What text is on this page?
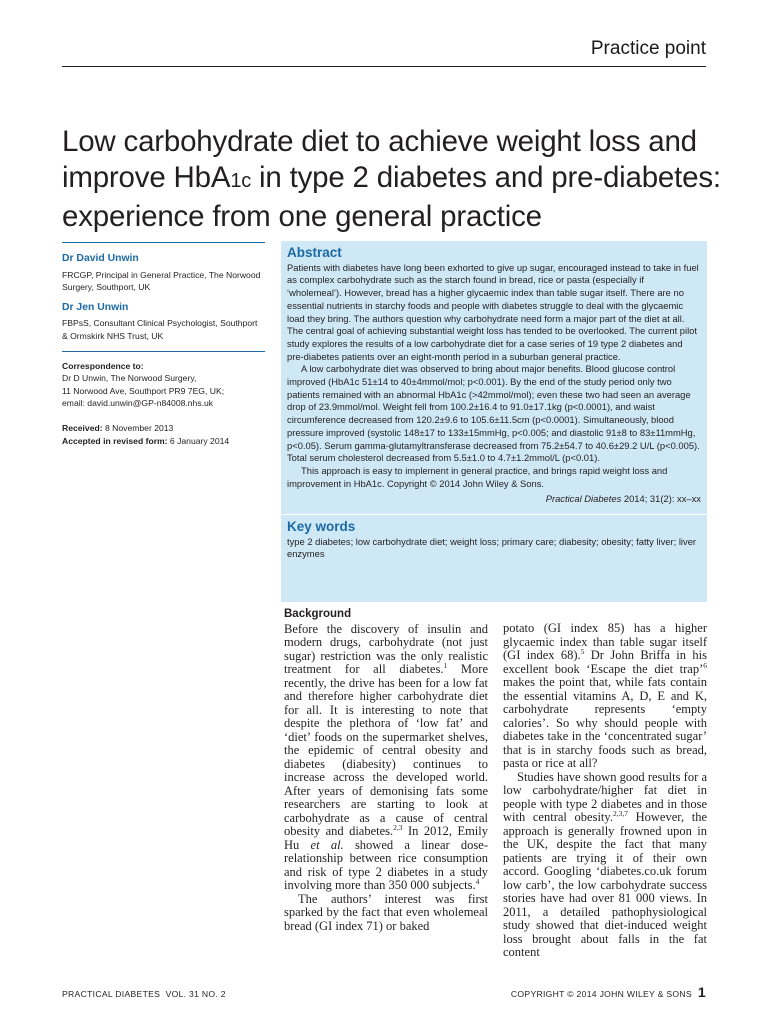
Practice point
Low carbohydrate diet to achieve weight loss and
improve HbA1c in type 2 diabetes and pre-diabetes:
experience from one general practice
Dr David Unwin
FRCGP, Principal in General Practice, The Norwood Surgery, Southport, UK
Dr Jen Unwin
FBPsS, Consultant Clinical Psychologist, Southport & Ormskirk NHS Trust, UK
Correspondence to:
Dr D Unwin, The Norwood Surgery,
11 Norwood Ave, Southport PR9 7EG, UK;
email: david.unwin@GP-n84008.nhs.uk
Received: 8 November 2013
Accepted in revised form: 6 January 2014
Abstract

Patients with diabetes have long been exhorted to give up sugar, encouraged instead to take in fuel as complex carbohydrate such as the starch found in bread, rice or pasta (especially if ‘wholemeal’). However, bread has a higher glycaemic index than table sugar itself. There are no essential nutrients in starchy foods and people with diabetes struggle to deal with the glycaemic load they bring. The authors question why carbohydrate need form a major part of the diet at all. The central goal of achieving substantial weight loss has tended to be overlooked. The current pilot study explores the results of a low carbohydrate diet for a case series of 19 type 2 diabetes and pre-diabetes patients over an eight-month period in a suburban general practice.

A low carbohydrate diet was observed to bring about major benefits. Blood glucose control improved (HbA1c 51±14 to 40±4mmol/mol; p<0.001). By the end of the study period only two patients remained with an abnormal HbA1c (>42mmol/mol); even these two had seen an average drop of 23.9mmol/mol. Weight fell from 100.2±16.4 to 91.0±17.1kg (p<0.0001), and waist circumference decreased from 120.2±9.6 to 105.6±11.5cm (p<0.0001). Simultaneously, blood pressure improved (systolic 148±17 to 133±15mmHg, p<0.005; and diastolic 91±8 to 83±11mmHg, p<0.05). Serum gamma-glutamyltransferase decreased from 75.2±54.7 to 40.6±29.2 U/L (p<0.005). Total serum cholesterol decreased from 5.5±1.0 to 4.7±1.2mmol/L (p<0.01).

This approach is easy to implement in general practice, and brings rapid weight loss and improvement in HbA1c. Copyright © 2014 John Wiley & Sons.

Practical Diabetes 2014; 31(2): xx–xx
Key words

type 2 diabetes; low carbohydrate diet; weight loss; primary care; diabesity; obesity; fatty liver; liver enzymes

Background

Before the discovery of insulin and modern drugs, carbohydrate (not just sugar) restriction was the only realistic treatment for all diabetes.$^1$ More recently, the drive has been for a low fat and therefore higher carbohydrate diet for all. It is interesting to note that despite the plethora of ‘low fat’ and ‘diet’ foods on the supermarket shelves, the epidemic of central obesity and diabetes (diabesity) continues to increase across the developed world. After years of demonising fats some researchers are starting to look at carbohydrate as a cause of central obesity and diabetes.$^{2,3}$ In 2012, Emily Hu et al. showed a linear dose-relationship between rice consumption and risk of type 2 diabetes in a study involving more than 350 000 subjects.$^4$

The authors’ interest was first sparked by the fact that even wholemeal bread (GI index 71) or baked

potato (GI index 85) has a higher glycaemic index than table sugar itself (GI index 68).$^5$ Dr John Briffa in his excellent book ‘Escape the diet trap’$^6$ makes the point that, while fats contain the essential vitamins A, D, E and K, carbohydrate represents ‘empty calories’. So why should people with diabetes take in the ‘concentrated sugar’ that is in starchy foods such as bread, pasta or rice at all?

Studies have shown good results for a low carbohydrate/higher fat diet in people with type 2 diabetes and in those with central obesity.$^{2,3,7}$ However, the approach is generally frowned upon in the UK, despite the fact that many patients are trying it of their own accord. Googling ‘diabetes.co.uk forum low carb’, the low carbohydrate success stories have had over 81 000 views. In 2011, a detailed pathophysiological study showed that diet-induced weight loss brought about falls in the fat content

PRACTICAL DIABETES  VOL. 31 NO. 2	COPYRIGHT © 2014 JOHN WILEY & SONS 1
